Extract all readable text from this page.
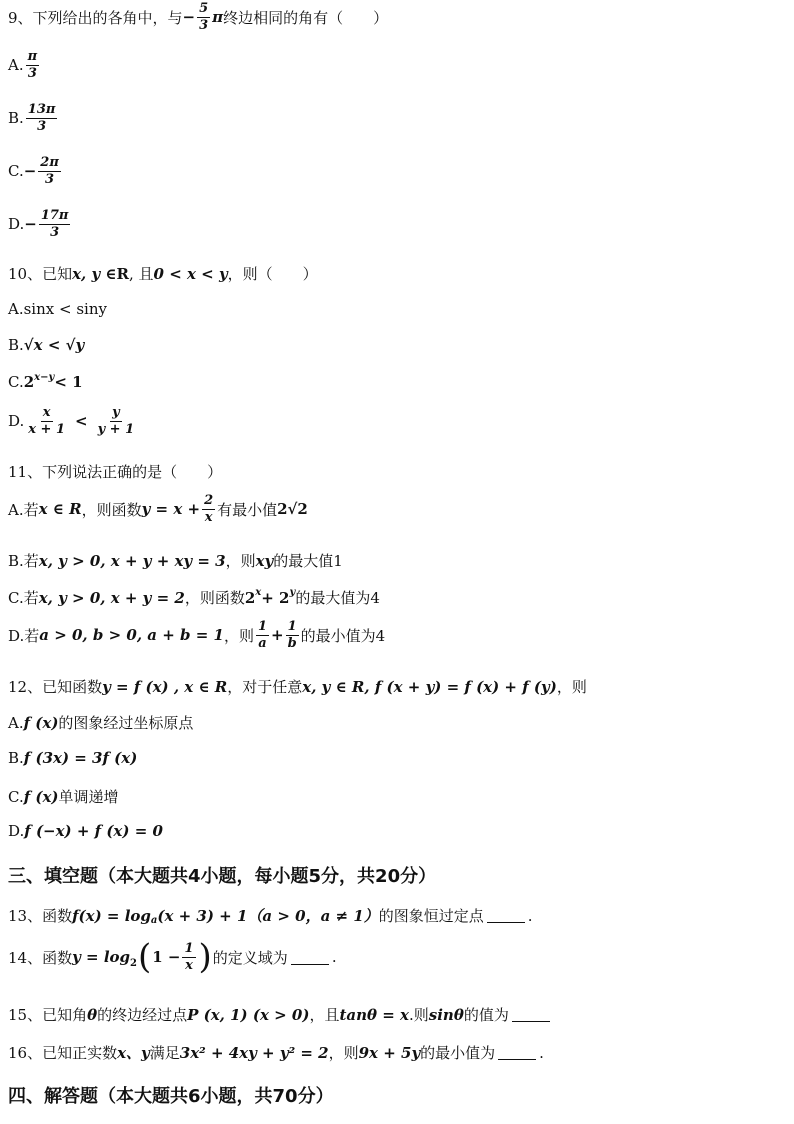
9、下列给出的各角中，与 − $\frac{5}{3}$ π 终边相同的角有（　　）
A. $\frac{\pi}{3}$
B. $\frac{13\pi}{3}$
C. − $\frac{2\pi}{3}$
D. − $\frac{17\pi}{3}$
10、已知 x, y ∈ R , 且 0 < x < y ，则（　　）
A. sinx < siny
B. √x < √y
C. $2^{x-y} < 1$
D. $\frac{x}{x + 1} < \frac{y}{y + 1}$
11、下列说法正确的是（　　）
A.若 x ∈ R ，则函数 $y = x + \frac{2}{x}$ 有最小值 2√2
B.若 x, y > 0, x + y + xy = 3 ，则 xy 的最大值1
C.若 x, y > 0, x + y = 2 ，则函数 $2^x + 2^y$ 的最大值为4
D.若 a > 0, b > 0, a + b = 1 ，则 $\frac{1}{a} + \frac{1}{b}$ 的最小值为4
12、已知函数 y = f (x) , x ∈ R ，对于任意 x, y ∈ R, f (x + y) = f (x) + f (y) ，则
A. f (x) 的图象经过坐标原点
B. f (3x) = 3f (x)
C. f (x) 单调递增
D. f (−x) + f (x) = 0
三、填空题（本大题共4小题，每小题5分，共20分）
13、函数 $f(x) = \log_a (x + 3) + 1$ （a > 0，a ≠ 1） 的图象恒过定点	.
14、函数 $y = \log_2$ ( $1 - \frac{1}{x}$ ) 的定义域为	.
15、已知角 θ 的终边经过点 P (x, 1) (x > 0) ，且 tanθ = x .则 sinθ 的值为
16、已知正实数 x、y 满足 3x² + 4xy + y² = 2 ，则 9x + 5y 的最小值为	.
四、解答题（本大题共6小题，共70分）
